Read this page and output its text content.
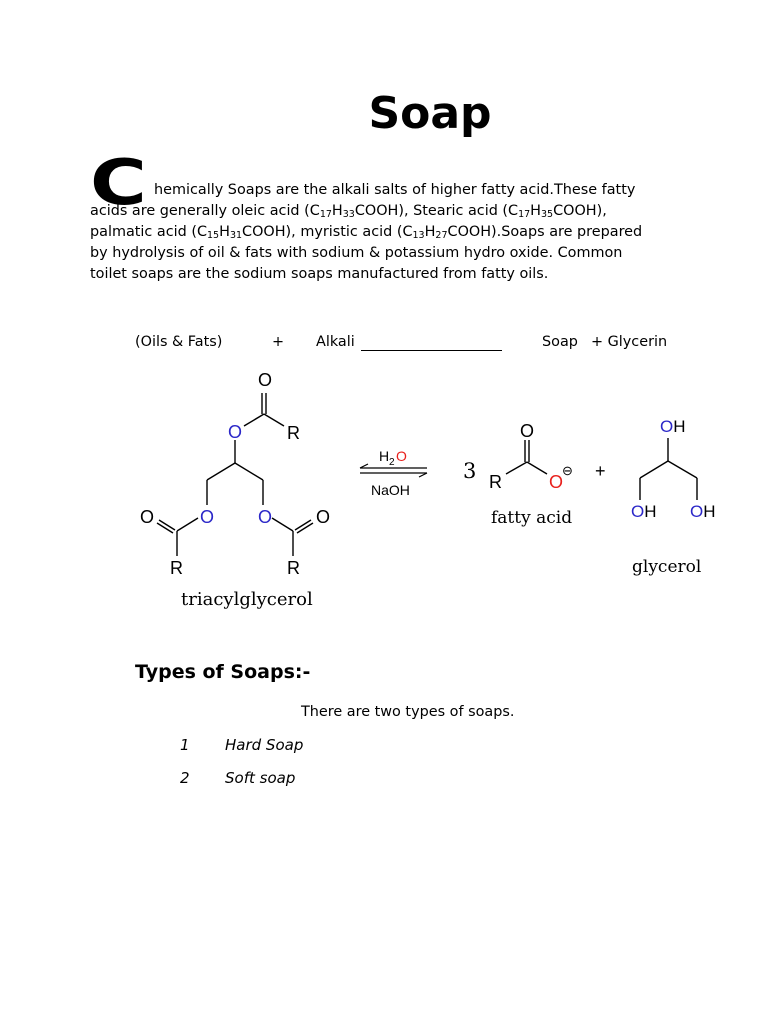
Soap
C hemically Soaps are the alkali salts of higher fatty acid.These fatty
acids are generally oleic acid $(C_{17}H_{33}COOH)$, Stearic acid $(C_{17}H_{35}COOH)$,
palmatic acid $(C_{15}H_{31}COOH)$, myristic acid $(C_{13}H_{27}COOH).Soaps$ are prepared
by hydrolysis of oil & fats with sodium & potassium hydro oxide. Common
toilet soaps are the sodium soaps manufactured from fatty oils.
(Oils & Fats)	+ Alkali	Soap + Glycerin
O
R
O
O O
O	O
R	R
triacylglycerol
H 2 O
NaOH
3
O
R	O
⊖
fatty acid
+
OH
OH OH
glycerol
Types of Soaps:-
There are two types of soaps.
1 Hard Soap
2 Soft soap
